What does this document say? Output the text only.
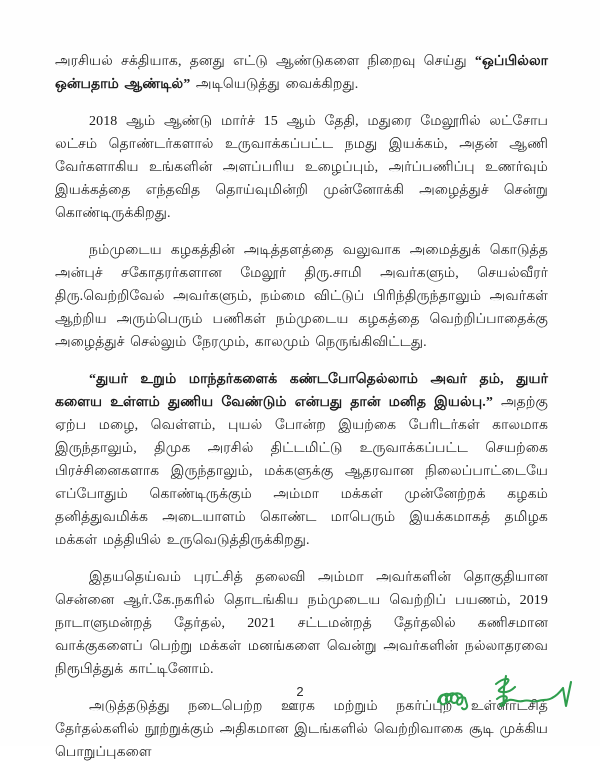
அரசியல் சக்தியாக, தனது எட்டு ஆண்டுகளை நிறைவு செய்து “ஒப்பில்லா ஒன்பதாம் ஆண்டில்” அடியெடுத்து வைக்கிறது.

2018 ஆம் ஆண்டு மார்ச் 15 ஆம் தேதி, மதுரை மேலூரில் லட்சோப லட்சம் தொண்டர்களால் உருவாக்கப்பட்ட நமது இயக்கம், அதன் ஆணி வேர்களாகிய உங்களின் அளப்பரிய உழைப்பும், அர்ப்பணிப்பு உணர்வும் இயக்கத்தை எந்தவித தொய்வுமின்றி முன்னோக்கி அழைத்துச் சென்று கொண்டிருக்கிறது.

நம்முடைய கழகத்தின் அடித்தளத்தை வலுவாக அமைத்துக் கொடுத்த அன்புச் சகோதரர்களான மேலூர் திரு.சாமி அவர்களும், செயல்வீரர் திரு.வெற்றிவேல் அவர்களும், நம்மை விட்டுப் பிரிந்திருந்தாலும் அவர்கள் ஆற்றிய அரும்பெரும் பணிகள் நம்முடைய கழகத்தை வெற்றிப்பாதைக்கு அழைத்துச் செல்லும் நேரமும், காலமும் நெருங்கிவிட்டது.

“துயர் உறும் மாந்தர்களைக் கண்டபோதெல்லாம் அவர் தம், துயர் களைய உள்ளம் துணிய வேண்டும் என்பது தான் மனித இயல்பு.” அதற்கு ஏற்ப மழை, வெள்ளம், புயல் போன்ற இயற்கை பேரிடர்கள் காலமாக இருந்தாலும், திமுக அரசில் திட்டமிட்டு உருவாக்கப்பட்ட செயற்கை பிரச்சினைகளாக இருந்தாலும், மக்களுக்கு ஆதரவான நிலைப்பாட்டையே எப்போதும் கொண்டிருக்கும் அம்மா மக்கள் முன்னேற்றக் கழகம் தனித்துவமிக்க அடையாளம் கொண்ட மாபெரும் இயக்கமாகத் தமிழக மக்கள் மத்தியில் உருவெடுத்திருக்கிறது.

இதயதெய்வம் புரட்சித் தலைவி அம்மா அவர்களின் தொகுதியான சென்னை ஆர்.கே.நகரில் தொடங்கிய நம்முடைய வெற்றிப் பயணம், 2019 நாடாளுமன்றத் தேர்தல், 2021 சட்டமன்றத் தேர்தலில் கணிசமான வாக்குகளைப் பெற்று மக்கள் மனங்களை வென்று அவர்களின் நல்லாதரவை நிரூபித்துக் காட்டினோம்.

அடுத்தடுத்து நடைபெற்ற ஊரக மற்றும் நகர்ப்புற உள்ளாட்சித் தேர்தல்களில் நூற்றுக்கும் அதிகமான இடங்களில் வெற்றிவாகை சூடி முக்கிய பொறுப்புகளை

2
